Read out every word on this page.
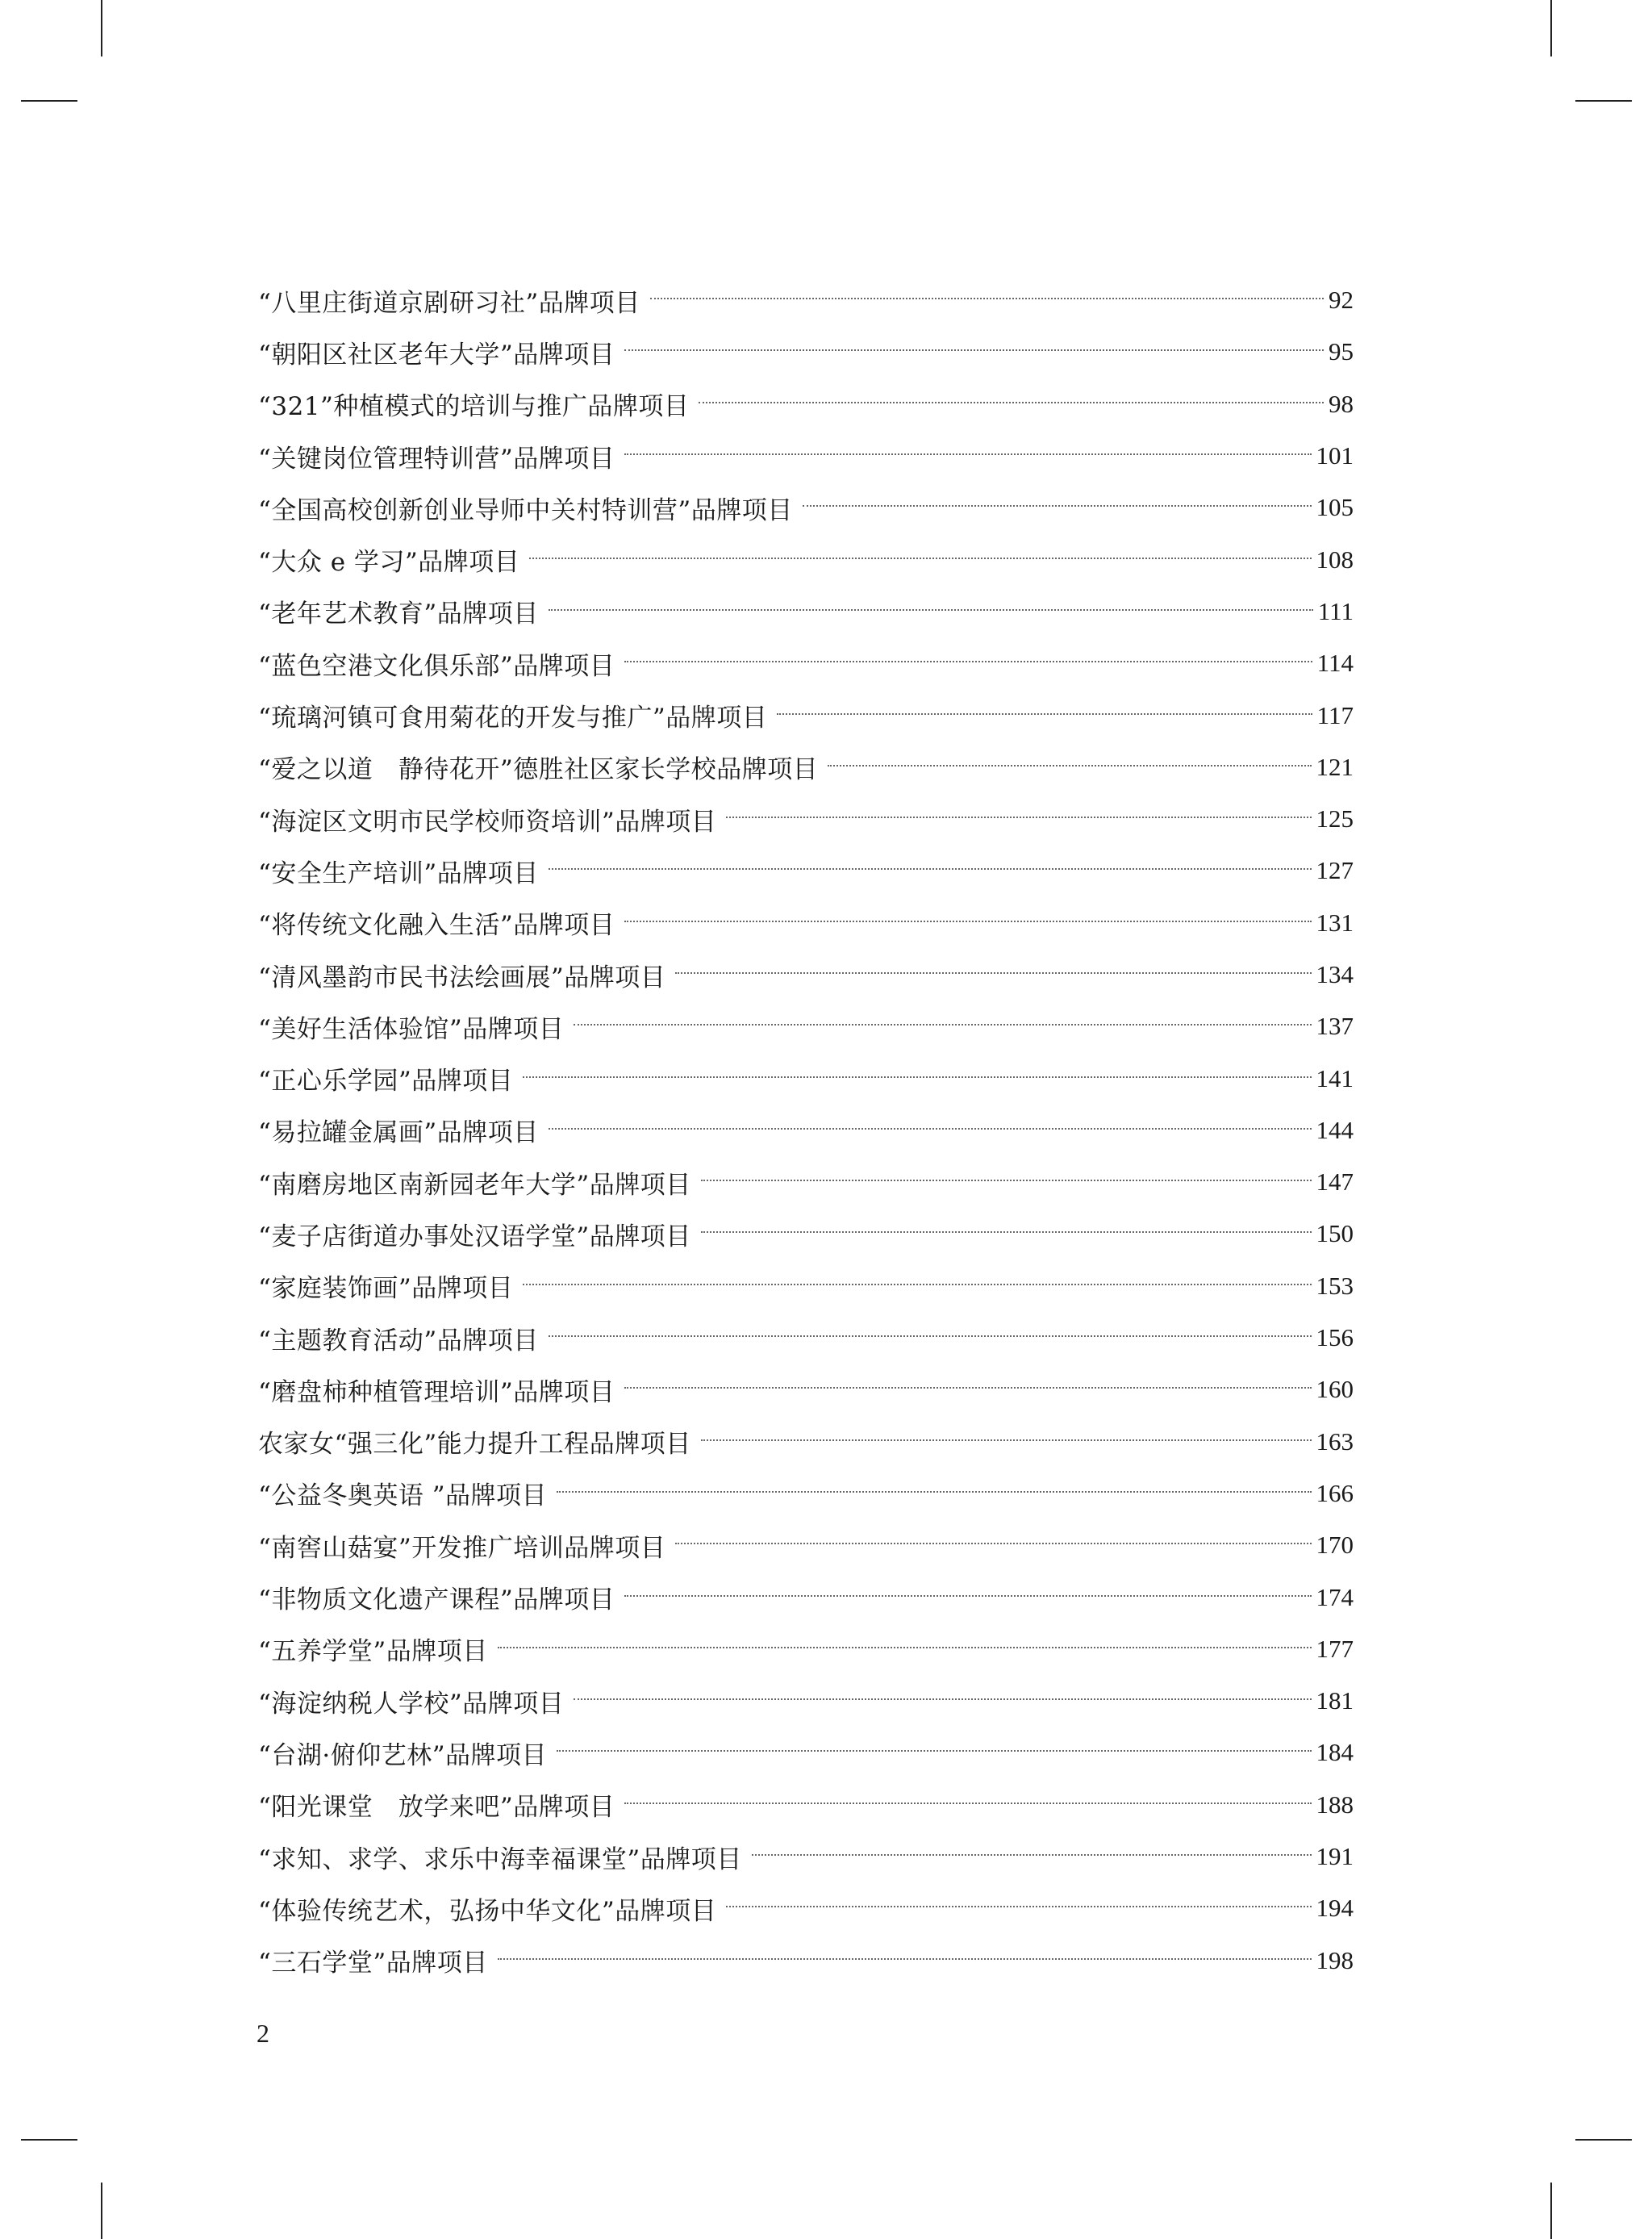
“八里庄街道京剧研习社”品牌项目	92
“朝阳区社区老年大学”品牌项目	95
“321”种植模式的培训与推广品牌项目	98
“关键岗位管理特训营”品牌项目	101
“全国高校创新创业导师中关村特训营”品牌项目	105
“大众 e 学习”品牌项目	108
“老年艺术教育”品牌项目	111
“蓝色空港文化俱乐部”品牌项目	114
“琉璃河镇可食用菊花的开发与推广”品牌项目	117
“爱之以道　静待花开”德胜社区家长学校品牌项目	121
“海淀区文明市民学校师资培训”品牌项目	125
“安全生产培训”品牌项目	127
“将传统文化融入生活”品牌项目	131
“清风墨韵市民书法绘画展”品牌项目	134
“美好生活体验馆”品牌项目	137
“正心乐学园”品牌项目	141
“易拉罐金属画”品牌项目	144
“南磨房地区南新园老年大学”品牌项目	147
“麦子店街道办事处汉语学堂”品牌项目	150
“家庭装饰画”品牌项目	153
“主题教育活动”品牌项目	156
“磨盘柿种植管理培训”品牌项目	160
农家女“强三化”能力提升工程品牌项目	163
“公益冬奥英语 ”品牌项目	166
“南窖山菇宴”开发推广培训品牌项目	170
“非物质文化遗产课程”品牌项目	174
“五养学堂”品牌项目	177
“海淀纳税人学校”品牌项目	181
“台湖·俯仰艺林”品牌项目	184
“阳光课堂　放学来吧”品牌项目	188
“求知、求学、求乐中海幸福课堂”品牌项目	191
“体验传统艺术，弘扬中华文化”品牌项目	194
“三石学堂”品牌项目	198
2
